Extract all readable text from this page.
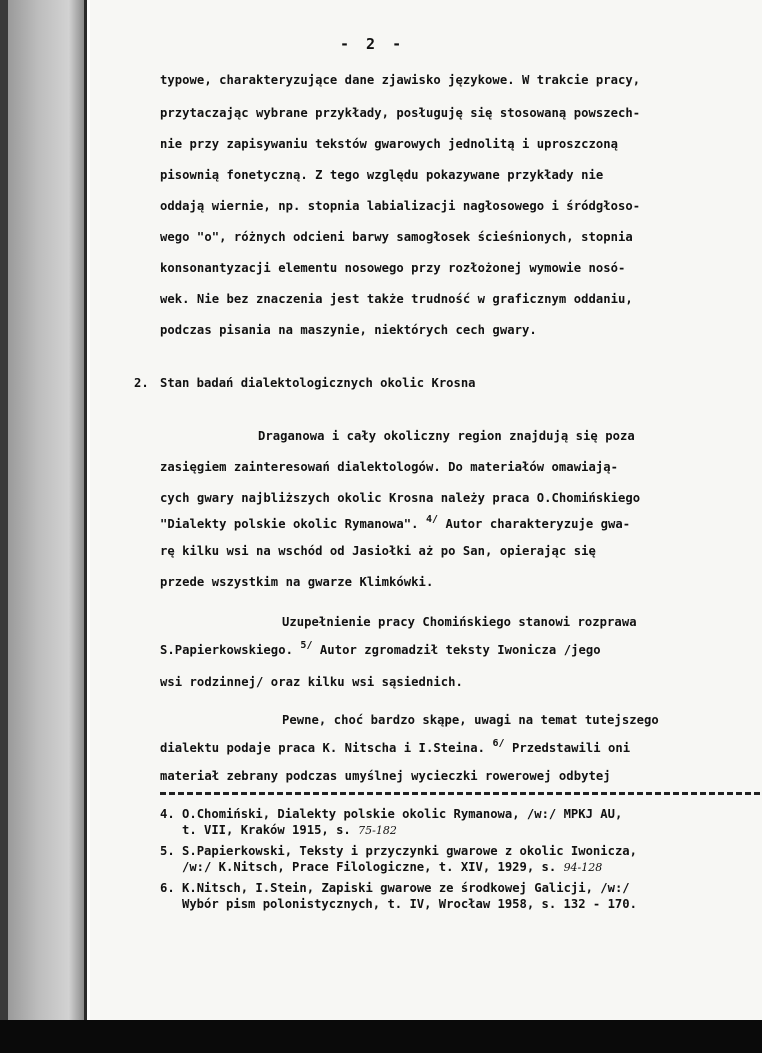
- 2 -
typowe, charakteryzujące dane zjawisko językowe. W trakcie pracy,
przytaczając wybrane przykłady, posługuję się stosowaną powszech-
nie przy zapisywaniu tekstów gwarowych jednolitą i uproszczoną
pisownią fonetyczną. Z tego względu pokazywane przykłady nie
oddają wiernie, np. stopnia labializacji nagłosowego i śródgłoso-
wego "o", różnych odcieni barwy samogłosek ścieśnionych, stopnia
konsonantyzacji elementu nosowego przy rozłożonej wymowie nosó-
wek. Nie bez znaczenia jest także trudność w graficznym oddaniu,
podczas pisania na maszynie, niektórych cech gwary.
2. Stan badań dialektologicznych okolic Krosna
Draganowa i cały okoliczny region znajdują się poza
zasięgiem zainteresowań dialektologów. Do materiałów omawiają-
cych gwary najbliższych okolic Krosna należy praca O.Chomińskiego
"Dialekty polskie okolic Rymanowa". $^{4/}$ Autor charakteryzuje gwa-
rę kilku wsi na wschód od Jasiołki aż po San, opierając się
przede wszystkim na gwarze Klimkówki.
Uzupełnienie pracy Chomińskiego stanowi rozprawa
S.Papierkowskiego. $^{5/}$ Autor zgromadził teksty Iwonicza /jego
wsi rodzinnej/ oraz kilku wsi sąsiednich.
Pewne, choć bardzo skąpe, uwagi na temat tutejszego
dialektu podaje praca K. Nitscha i I.Steina. $^{6/}$ Przedstawili oni
materiał zebrany podczas umyślnej wycieczki rowerowej odbytej
4. O.Chomiński, Dialekty polskie okolic Rymanowa, /w:/ MPKJ AU,
t. VII, Kraków 1915, s. 75-182
5. S.Papierkowski, Teksty i przyczynki gwarowe z okolic Iwonicza,
/w:/ K.Nitsch, Prace Filologiczne, t. XIV, 1929, s. 94-128
6. K.Nitsch, I.Stein, Zapiski gwarowe ze środkowej Galicji, /w:/
Wybór pism polonistycznych, t. IV, Wrocław 1958, s. 132 - 170.
